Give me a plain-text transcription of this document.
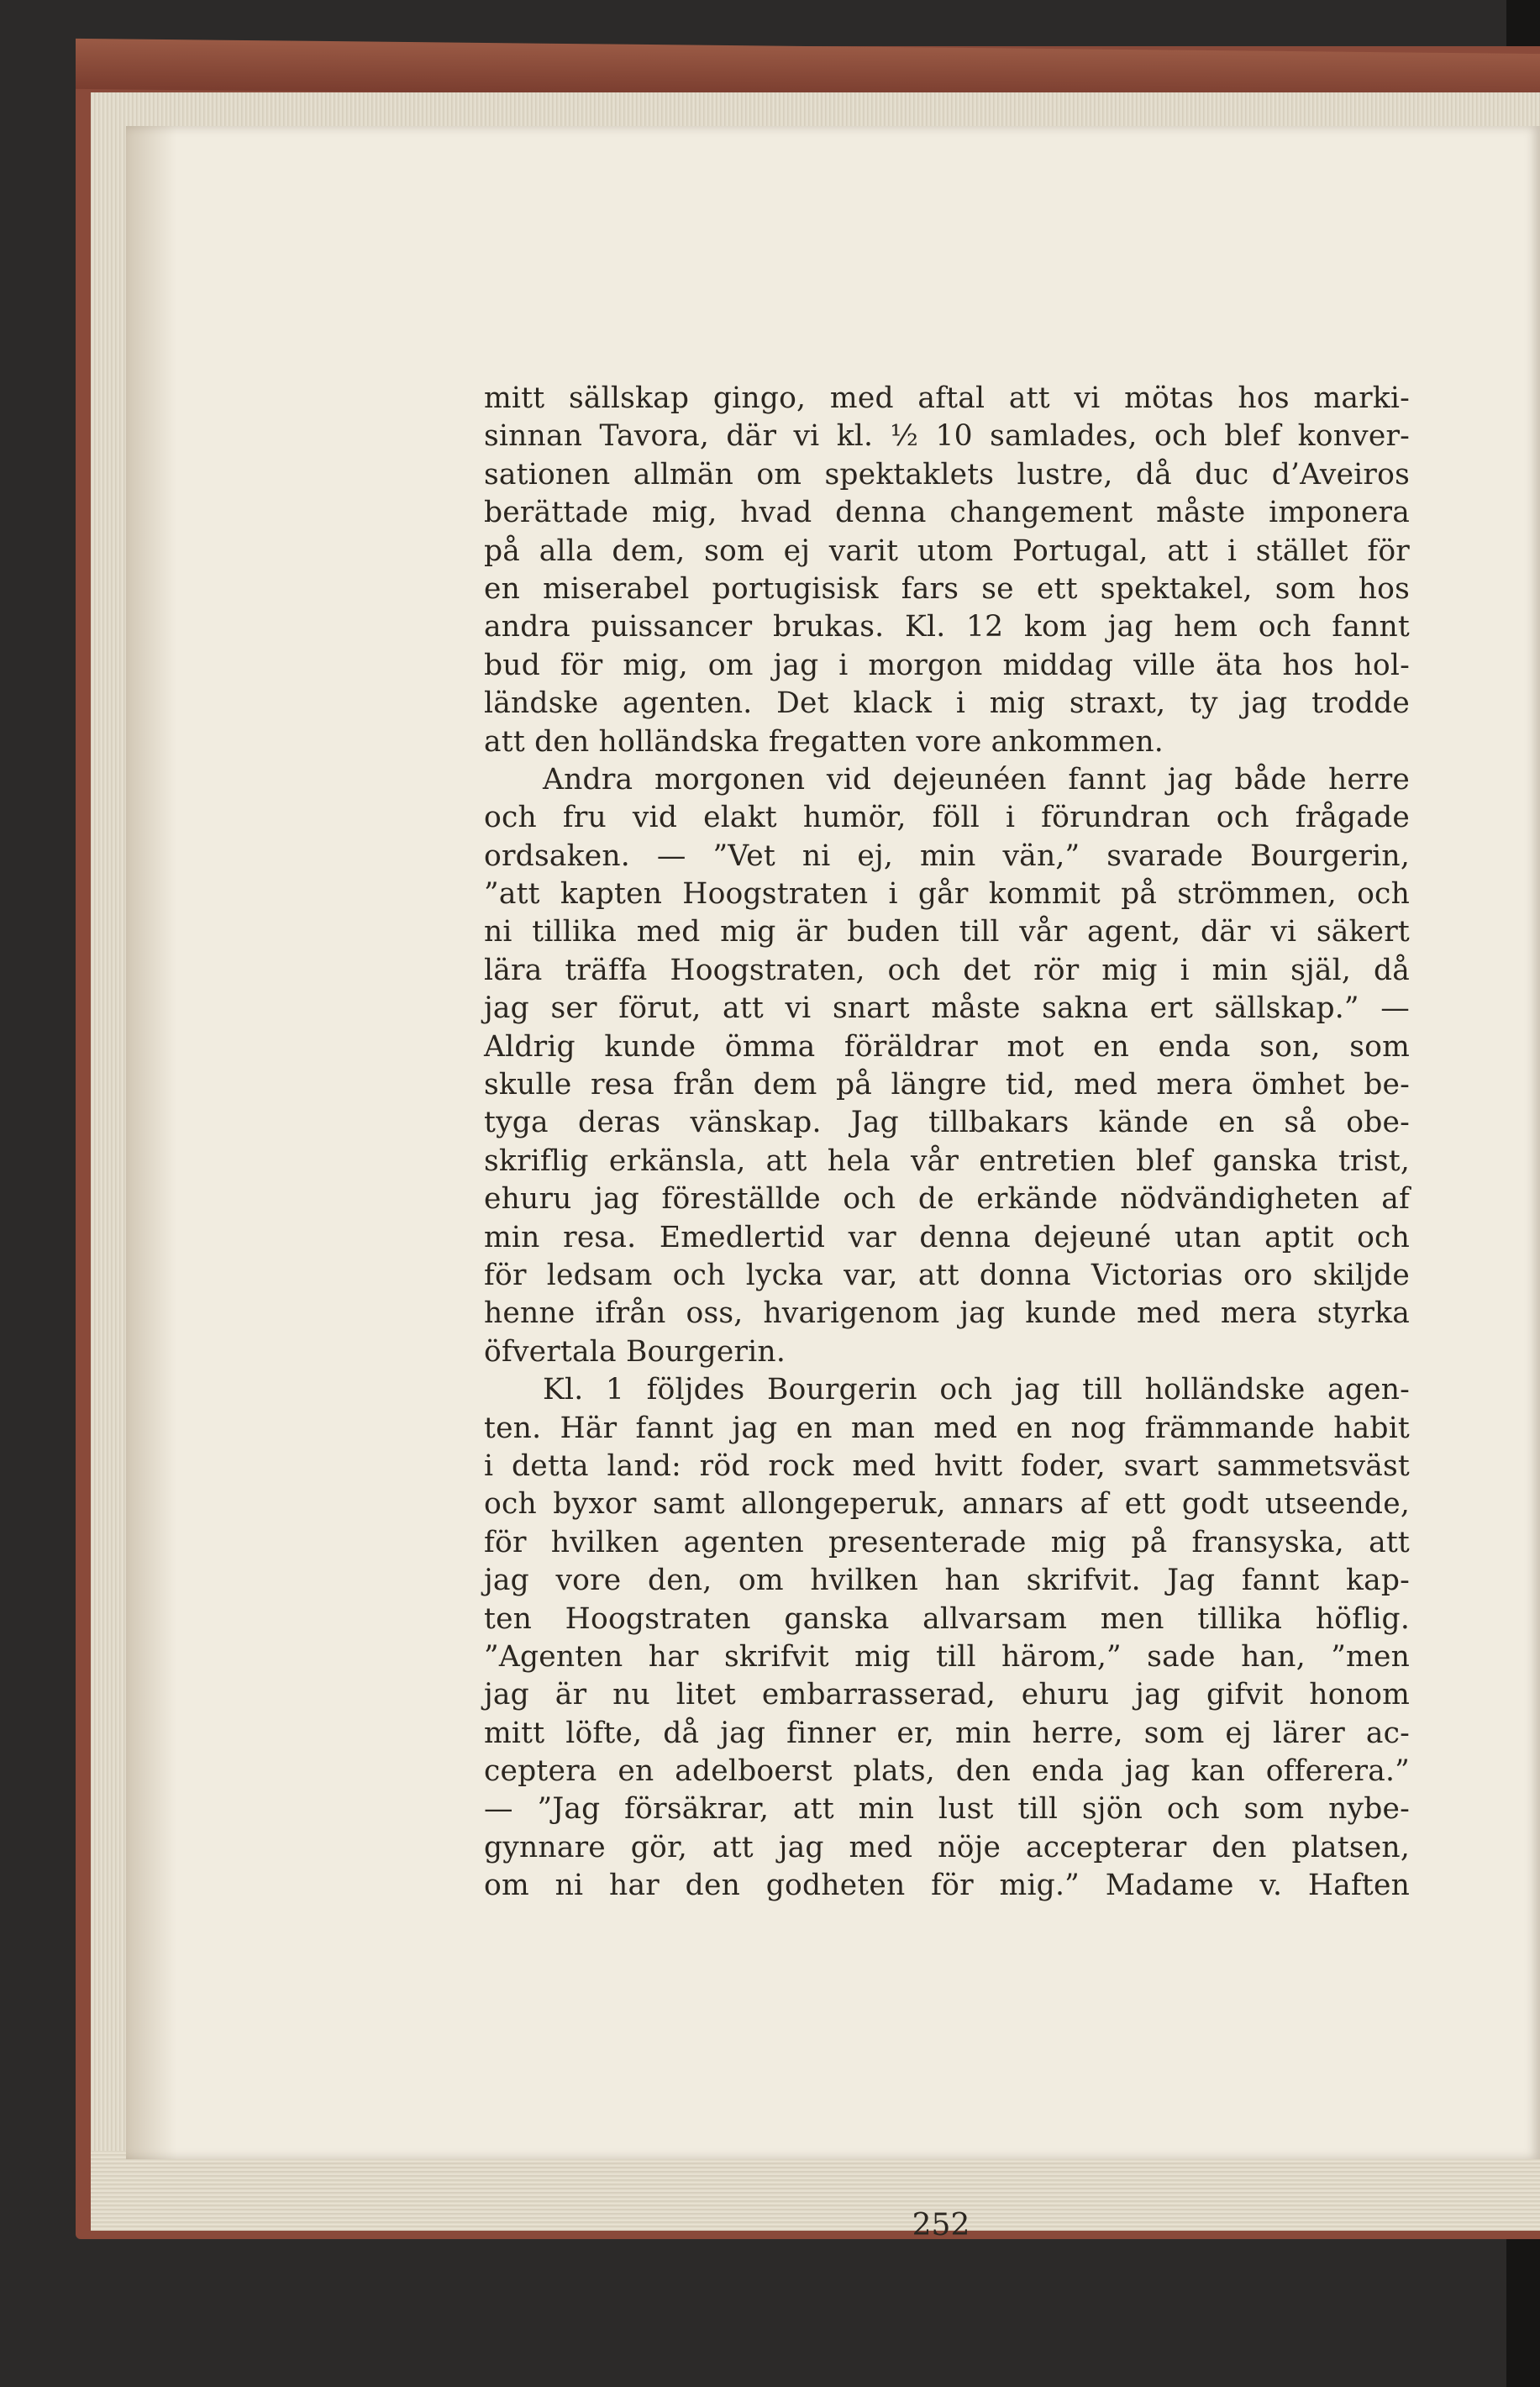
mitt sällskap gingo, med aftal att vi mötas hos marki-
sinnan Tavora, där vi kl. ½ 10 samlades, och blef konver-
sationen allmän om spektaklets lustre, då duc d’Aveiros
berättade mig, hvad denna changement måste imponera
på alla dem, som ej varit utom Portugal, att i stället för
en miserabel portugisisk fars se ett spektakel, som hos
andra puissancer brukas. Kl. 12 kom jag hem och fannt
bud för mig, om jag i morgon middag ville äta hos hol-
ländske agenten. Det klack i mig straxt, ty jag trodde
att den holländska fregatten vore ankommen.
Andra morgonen vid dejeunéen fannt jag både herre
och fru vid elakt humör, föll i förundran och frågade
ordsaken. — ”Vet ni ej, min vän,” svarade Bourgerin,
”att kapten Hoogstraten i går kommit på strömmen, och
ni tillika med mig är buden till vår agent, där vi säkert
lära träffa Hoogstraten, och det rör mig i min själ, då
jag ser förut, att vi snart måste sakna ert sällskap.” —
Aldrig kunde ömma föräldrar mot en enda son, som
skulle resa från dem på längre tid, med mera ömhet be-
tyga deras vänskap. Jag tillbakars kände en så obe-
skriflig erkänsla, att hela vår entretien blef ganska trist,
ehuru jag föreställde och de erkände nödvändigheten af
min resa. Emedlertid var denna dejeuné utan aptit och
för ledsam och lycka var, att donna Victorias oro skiljde
henne ifrån oss, hvarigenom jag kunde med mera styrka
öfvertala Bourgerin.
Kl. 1 följdes Bourgerin och jag till holländske agen-
ten. Här fannt jag en man med en nog främmande habit
i detta land: röd rock med hvitt foder, svart sammetsväst
och byxor samt allongeperuk, annars af ett godt utseende,
för hvilken agenten presenterade mig på fransyska, att
jag vore den, om hvilken han skrifvit. Jag fannt kap-
ten Hoogstraten ganska allvarsam men tillika höflig.
”Agenten har skrifvit mig till härom,” sade han, ”men
jag är nu litet embarrasserad, ehuru jag gifvit honom
mitt löfte, då jag finner er, min herre, som ej lärer ac-
ceptera en adelboerst plats, den enda jag kan offerera.”
— ”Jag försäkrar, att min lust till sjön och som nybe-
gynnare gör, att jag med nöje accepterar den platsen,
om ni har den godheten för mig.” Madame v. Haften
252
